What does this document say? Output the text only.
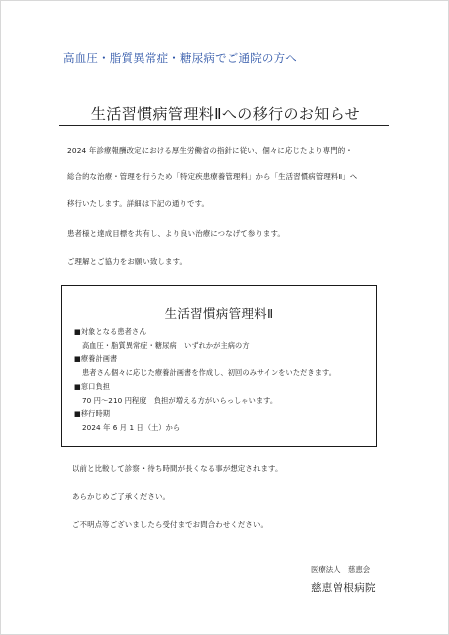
高血圧・脂質異常症・糖尿病でご通院の方へ
生活習慣病管理料Ⅱへの移行のお知らせ

2024 年診療報酬改定における厚生労働省の指針に従い、個々に応じたより専門的・

総合的な治療・管理を行うため「特定疾患療養管理料」から「生活習慣病管理料Ⅱ」へ

移行いたします。詳細は下記の通りです。

患者様と達成目標を共有し、より良い治療につなげて参ります。

ご理解とご協力をお願い致します。

生活習慣病管理料Ⅱ

■対象となる患者さん

高血圧・脂質異常症・糖尿病　いずれかが主病の方

■療養計画書

患者さん個々に応じた療養計画書を作成し、初回のみサインをいただきます。

■窓口負担

70 円〜210 円程度　負担が増える方がいらっしゃいます。

■移行時期

2024 年 6 月 1 日（土）から

以前と比較して診察・待ち時間が長くなる事が想定されます。

あらかじめご了承ください。

ご不明点等ございましたら受付までお問合わせください。

医療法人　慈恵会
慈恵曽根病院
